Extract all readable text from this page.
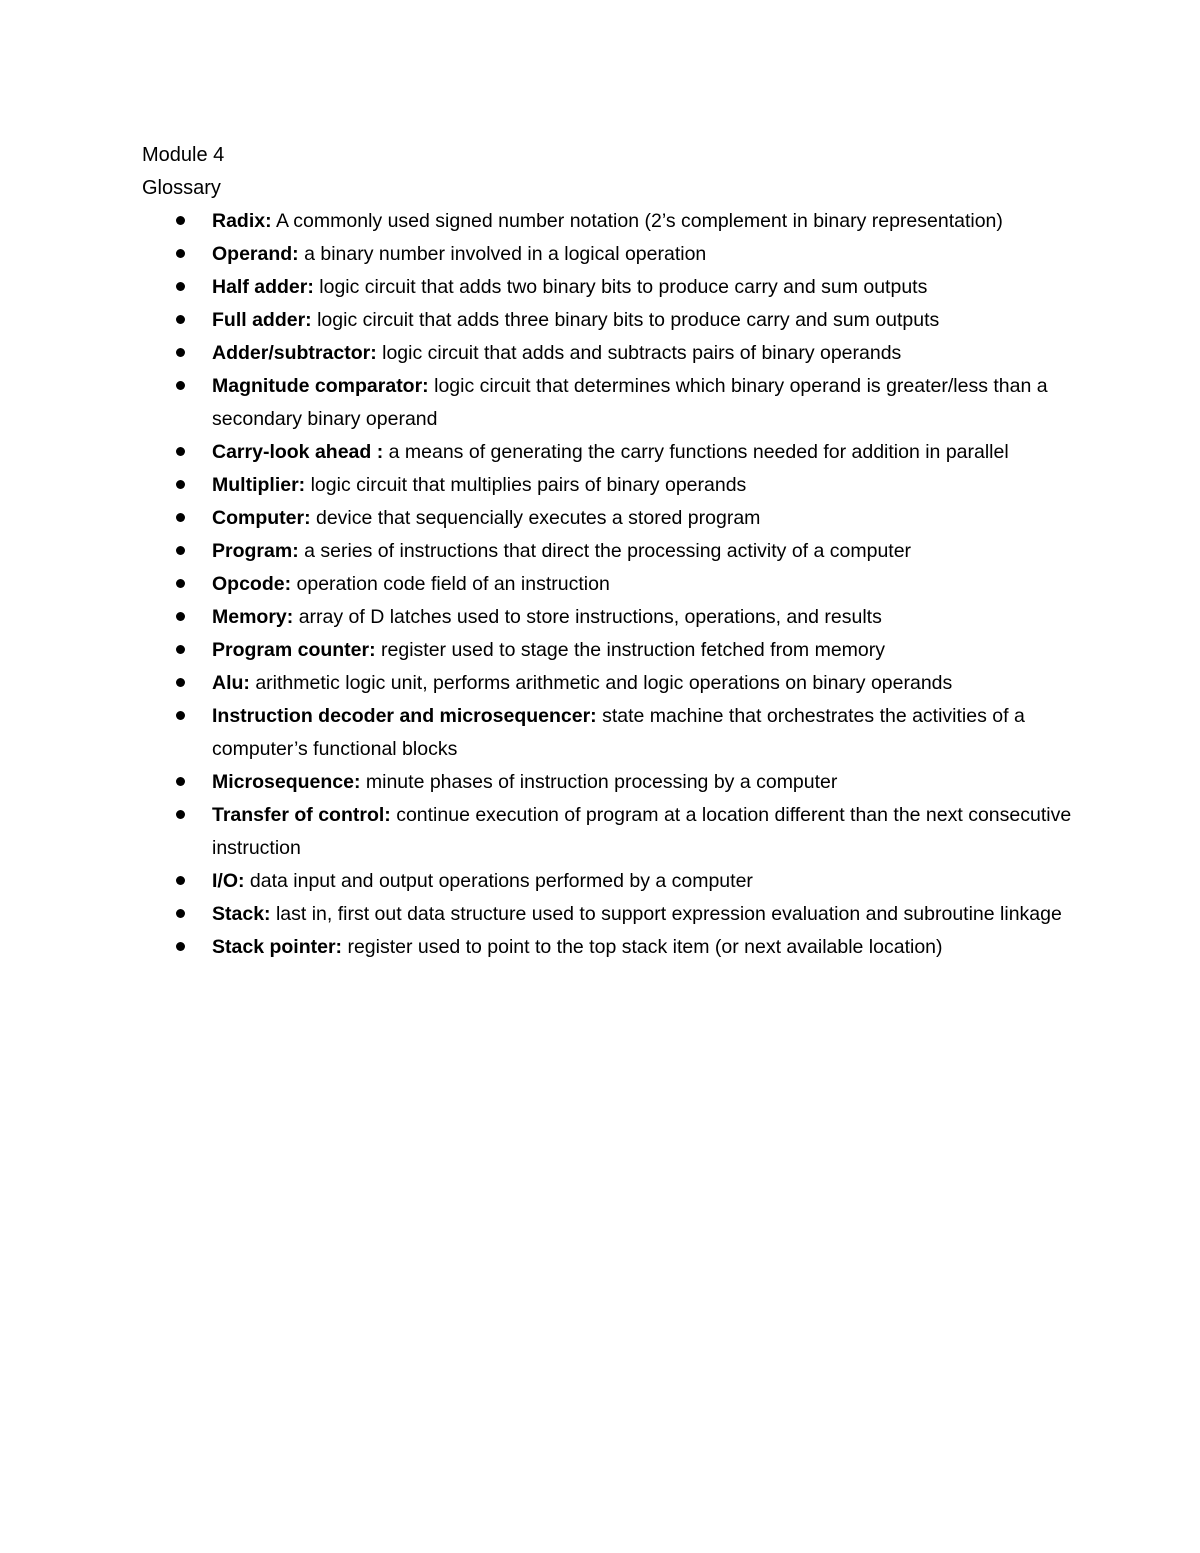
Module 4
Glossary
Radix: A commonly used signed number notation (2’s complement in binary representation)
Operand: a binary number involved in a logical operation
Half adder: logic circuit that adds two binary bits to produce carry and sum outputs
Full adder: logic circuit that adds three binary bits to produce carry and sum outputs
Adder/subtractor: logic circuit that adds and subtracts pairs of binary operands
Magnitude comparator: logic circuit that determines which binary operand is greater/less than a secondary binary operand
Carry-look ahead : a means of generating the carry functions needed for addition in parallel
Multiplier: logic circuit that multiplies pairs of binary operands
Computer: device that sequencially executes a stored program
Program: a series of instructions that direct the processing activity of a computer
Opcode: operation code field of an instruction
Memory: array of D latches used to store instructions, operations, and results
Program counter: register used to stage the instruction fetched from memory
Alu: arithmetic logic unit, performs arithmetic and logic operations on binary operands
Instruction decoder and microsequencer: state machine that orchestrates the activities of a computer’s functional blocks
Microsequence: minute phases of instruction processing by a computer
Transfer of control: continue execution of program at a location different than the next consecutive instruction
I/O: data input and output operations performed by a computer
Stack: last in, first out data structure used to support expression evaluation and subroutine linkage
Stack pointer: register used to point to the top stack item (or next available location)
